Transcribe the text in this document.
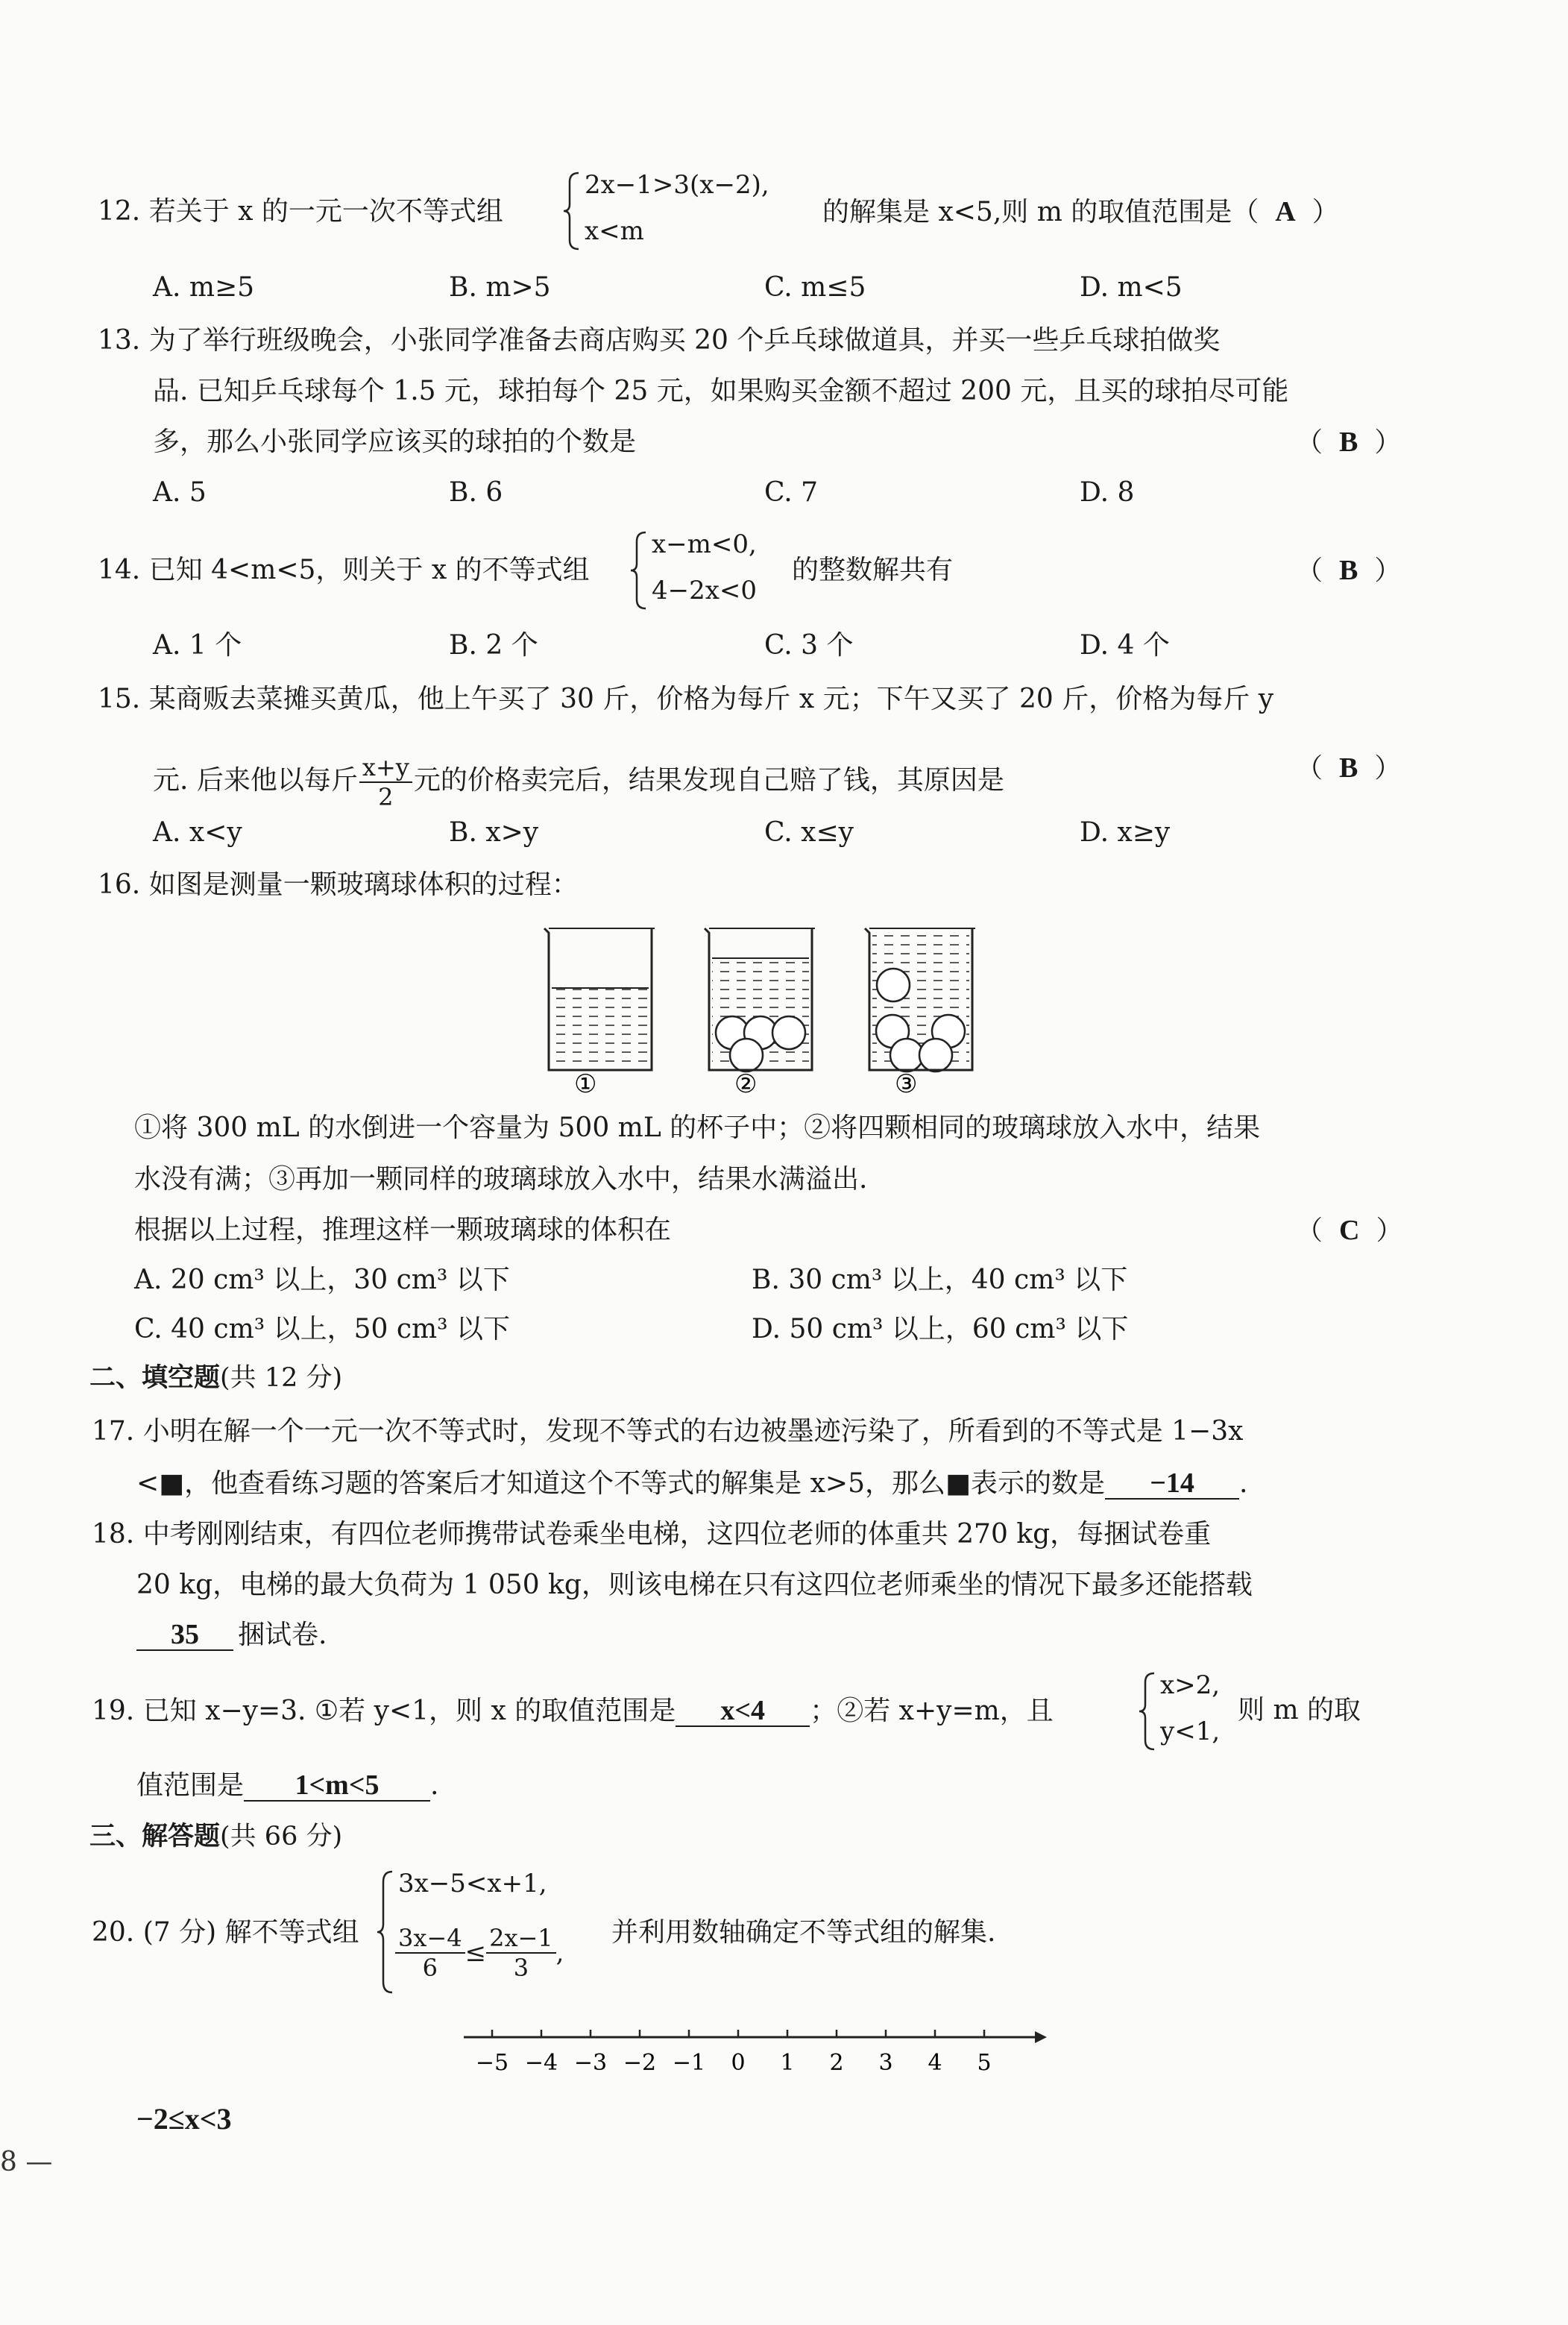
12. 若关于 x 的一元一次不等式组
2x−1>3(x−2),
x<m
的解集是 x<5,则 m 的取值范围是（ A ）
A. m≥5	B. m>5	C. m≤5	D. m<5
13. 为了举行班级晚会，小张同学准备去商店购买 20 个乒乓球做道具，并买一些乒乓球拍做奖
品. 已知乒乓球每个 1.5 元，球拍每个 25 元，如果购买金额不超过 200 元，且买的球拍尽可能
多，那么小张同学应该买的球拍的个数是	（ B ）
A. 5	B. 6	C. 7	D. 8
14. 已知 4<m<5，则关于 x 的不等式组
x−m<0,
4−2x<0
的整数解共有	（ B ）
A. 1 个	B. 2 个	C. 3 个	D. 4 个
15. 某商贩去菜摊买黄瓜，他上午买了 30 斤，价格为每斤 x 元；下午又买了 20 斤，价格为每斤 y
元. 后来他以每斤 $\frac{x+y}{2}$ 元的价格卖完后，结果发现自己赔了钱，其原因是	（ B ）
A. x<y	B. x>y	C. x≤y	D. x≥y
16. 如图是测量一颗玻璃球体积的过程：
①	②	③
①将 300 mL 的水倒进一个容量为 500 mL 的杯子中；②将四颗相同的玻璃球放入水中，结果
水没有满；③再加一颗同样的玻璃球放入水中，结果水满溢出.
根据以上过程，推理这样一颗玻璃球的体积在	（ C ）
A. 20 cm³ 以上，30 cm³ 以下	B. 30 cm³ 以上，40 cm³ 以下
C. 40 cm³ 以上，50 cm³ 以下	D. 50 cm³ 以上，60 cm³ 以下
二、填空题(共 12 分)
17. 小明在解一个一元一次不等式时，发现不等式的右边被墨迹污染了，所看到的不等式是 1−3x
<■，他查看练习题的答案后才知道这个不等式的解集是 x>5，那么■表示的数是 −14 .
18. 中考刚刚结束，有四位老师携带试卷乘坐电梯，这四位老师的体重共 270 kg，每捆试卷重
20 kg，电梯的最大负荷为 1 050 kg，则该电梯在只有这四位老师乘坐的情况下最多还能搭载
35 捆试卷.
19. 已知 x−y=3. ①若 y<1，则 x 的取值范围是 x<4 ；②若 x+y=m，且
x>2,
y<1,
则 m 的取
值范围是 1<m<5 .
三、解答题(共 66 分)
20. (7 分) 解不等式组
3x−5<x+1,
$\frac{3x-4}{6} \le \frac{2x-1}{3}$ ,
并利用数轴确定不等式组的解集.
−5 −4 −3 −2 −1 0 1 2 3 4 5
−2≤x<3
8 —
